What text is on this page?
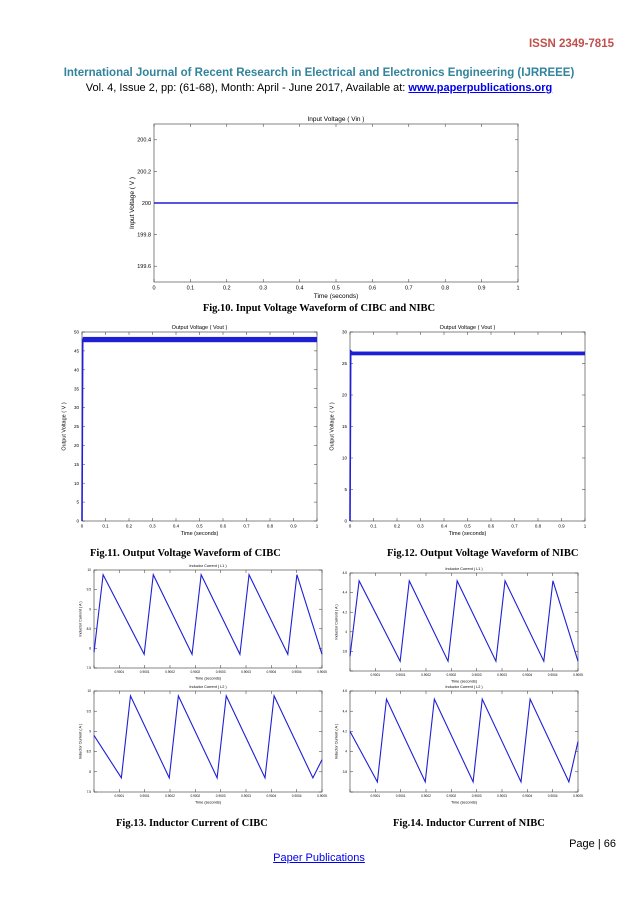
ISSN 2349-7815
International Journal of Recent Research in Electrical and Electronics Engineering (IJRREEE)
Vol. 4, Issue 2, pp: (61-68), Month: April - June 2017, Available at: www.paperpublications.org
0	0.1	0.2	0.3	0.4	0.5	0.6	0.7	0.8	0.9	1
199.6
199.8
200
200.2
200.4
Input Voltage ( Vin )
Time (seconds)
Input Voltage ( V )
Fig.10. Input Voltage Waveform of CIBC and NIBC
0	0.1	0.2	0.3	0.4	0.5	0.6	0.7	0.8	0.9	1
0
5
10
15
20
25
30
35
40
45
50
Output Voltage ( Vout )
Time (seconds)
Output Voltage ( V )
0	0.1	0.2	0.3	0.4	0.5	0.6	0.7	0.8	0.9	1
0
5
10
15
20
25
30
Output Voltage ( Vout )
Time (seconds)
Output Voltage ( V )
Fig.11. Output Voltage Waveform of CIBC	Fig.12. Output Voltage Waveform of NIBC
0.9001	0.9001	0.9002	0.9002	0.9003	0.9003	0.9004	0.9004	0.9005
7.5
8
8.5
9
9.5
10
Inductor Current ( L1 )
Time (seconds)
Inductor Current ( A )
0.9001	0.9001	0.9002	0.9002	0.9003	0.9003	0.9004	0.9004	0.9005
7.5
8
8.5
9
9.5
10
Inductor Current ( L2 )
Time (seconds)
Inductor Current ( A )
0.9001	0.9001	0.9002	0.9002	0.9003	0.9003	0.9004	0.9004	0.9005
3.8
4
4.2
4.4
4.6
Inductor Current ( L1 )
Time (seconds)
Inductor Current ( A )
0.9001	0.9001	0.9002	0.9002	0.9003	0.9003	0.9004	0.9004	0.9005
3.8
4
4.2
4.4
4.6
Inductor Current ( L2 )
Time (seconds)
Inductor Current ( A )
Fig.13. Inductor Current of CIBC	Fig.14. Inductor Current of NIBC
Page | 66
Paper Publications
